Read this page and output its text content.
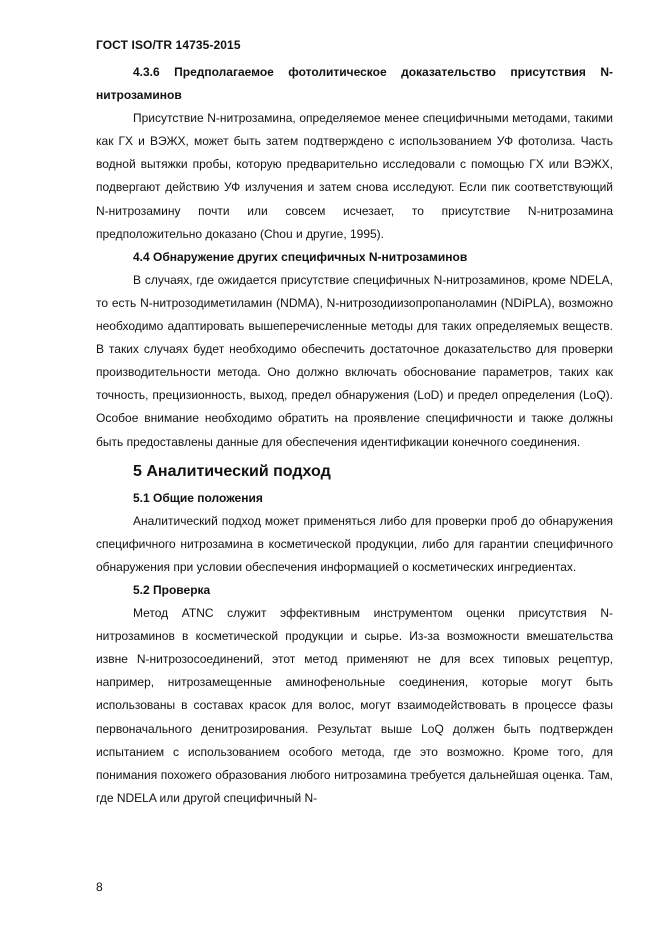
ГОСТ ISO/TR 14735-2015

4.3.6 Предполагаемое фотолитическое доказательство присутствия N-нитрозаминов

Присутствие N-нитрозамина, определяемое менее специфичными методами, такими как ГХ и ВЭЖХ, может быть затем подтверждено с использованием УФ фотолиза. Часть водной вытяжки пробы, которую предварительно исследовали с помощью ГХ или ВЭЖХ, подвергают действию УФ излучения и затем снова исследуют. Если пик соответствующий N-нитрозамину почти или совсем исчезает, то присутствие N-нитрозамина предположительно доказано (Chou и другие, 1995).

4.4 Обнаружение других специфичных N-нитрозаминов

В случаях, где ожидается присутствие специфичных N-нитрозаминов, кроме NDELA, то есть N-нитрозодиметиламин (NDMA), N-нитрозодиизопропаноламин (NDiPLA), возможно необходимо адаптировать вышеперечисленные методы для таких определяемых веществ. В таких случаях будет необходимо обеспечить достаточное доказательство для проверки производительности метода. Оно должно включать обоснование параметров, таких как точность, прецизионность, выход, предел обнаружения (LoD) и предел определения (LoQ). Особое внимание необходимо обратить на проявление специфичности и также должны быть предоставлены данные для обеспечения идентификации конечного соединения.

5 Аналитический подход

5.1 Общие положения

Аналитический подход может применяться либо для проверки проб до обнаружения специфичного нитрозамина в косметической продукции, либо для гарантии специфичного обнаружения при условии обеспечения информацией о косметических ингредиентах.

5.2 Проверка

Метод ATNC служит эффективным инструментом оценки присутствия N-нитрозаминов в косметической продукции и сырье. Из-за возможности вмешательства извне N-нитрозосоединений, этот метод применяют не для всех типовых рецептур, например, нитрозамещенные аминофенольные соединения, которые могут быть использованы в составах красок для волос, могут взаимодействовать в процессе фазы первоначального денитрозирования. Результат выше LoQ должен быть подтвержден испытанием с использованием особого метода, где это возможно. Кроме того, для понимания похожего образования любого нитрозамина требуется дальнейшая оценка. Там, где NDELA или другой специфичный N-

8
